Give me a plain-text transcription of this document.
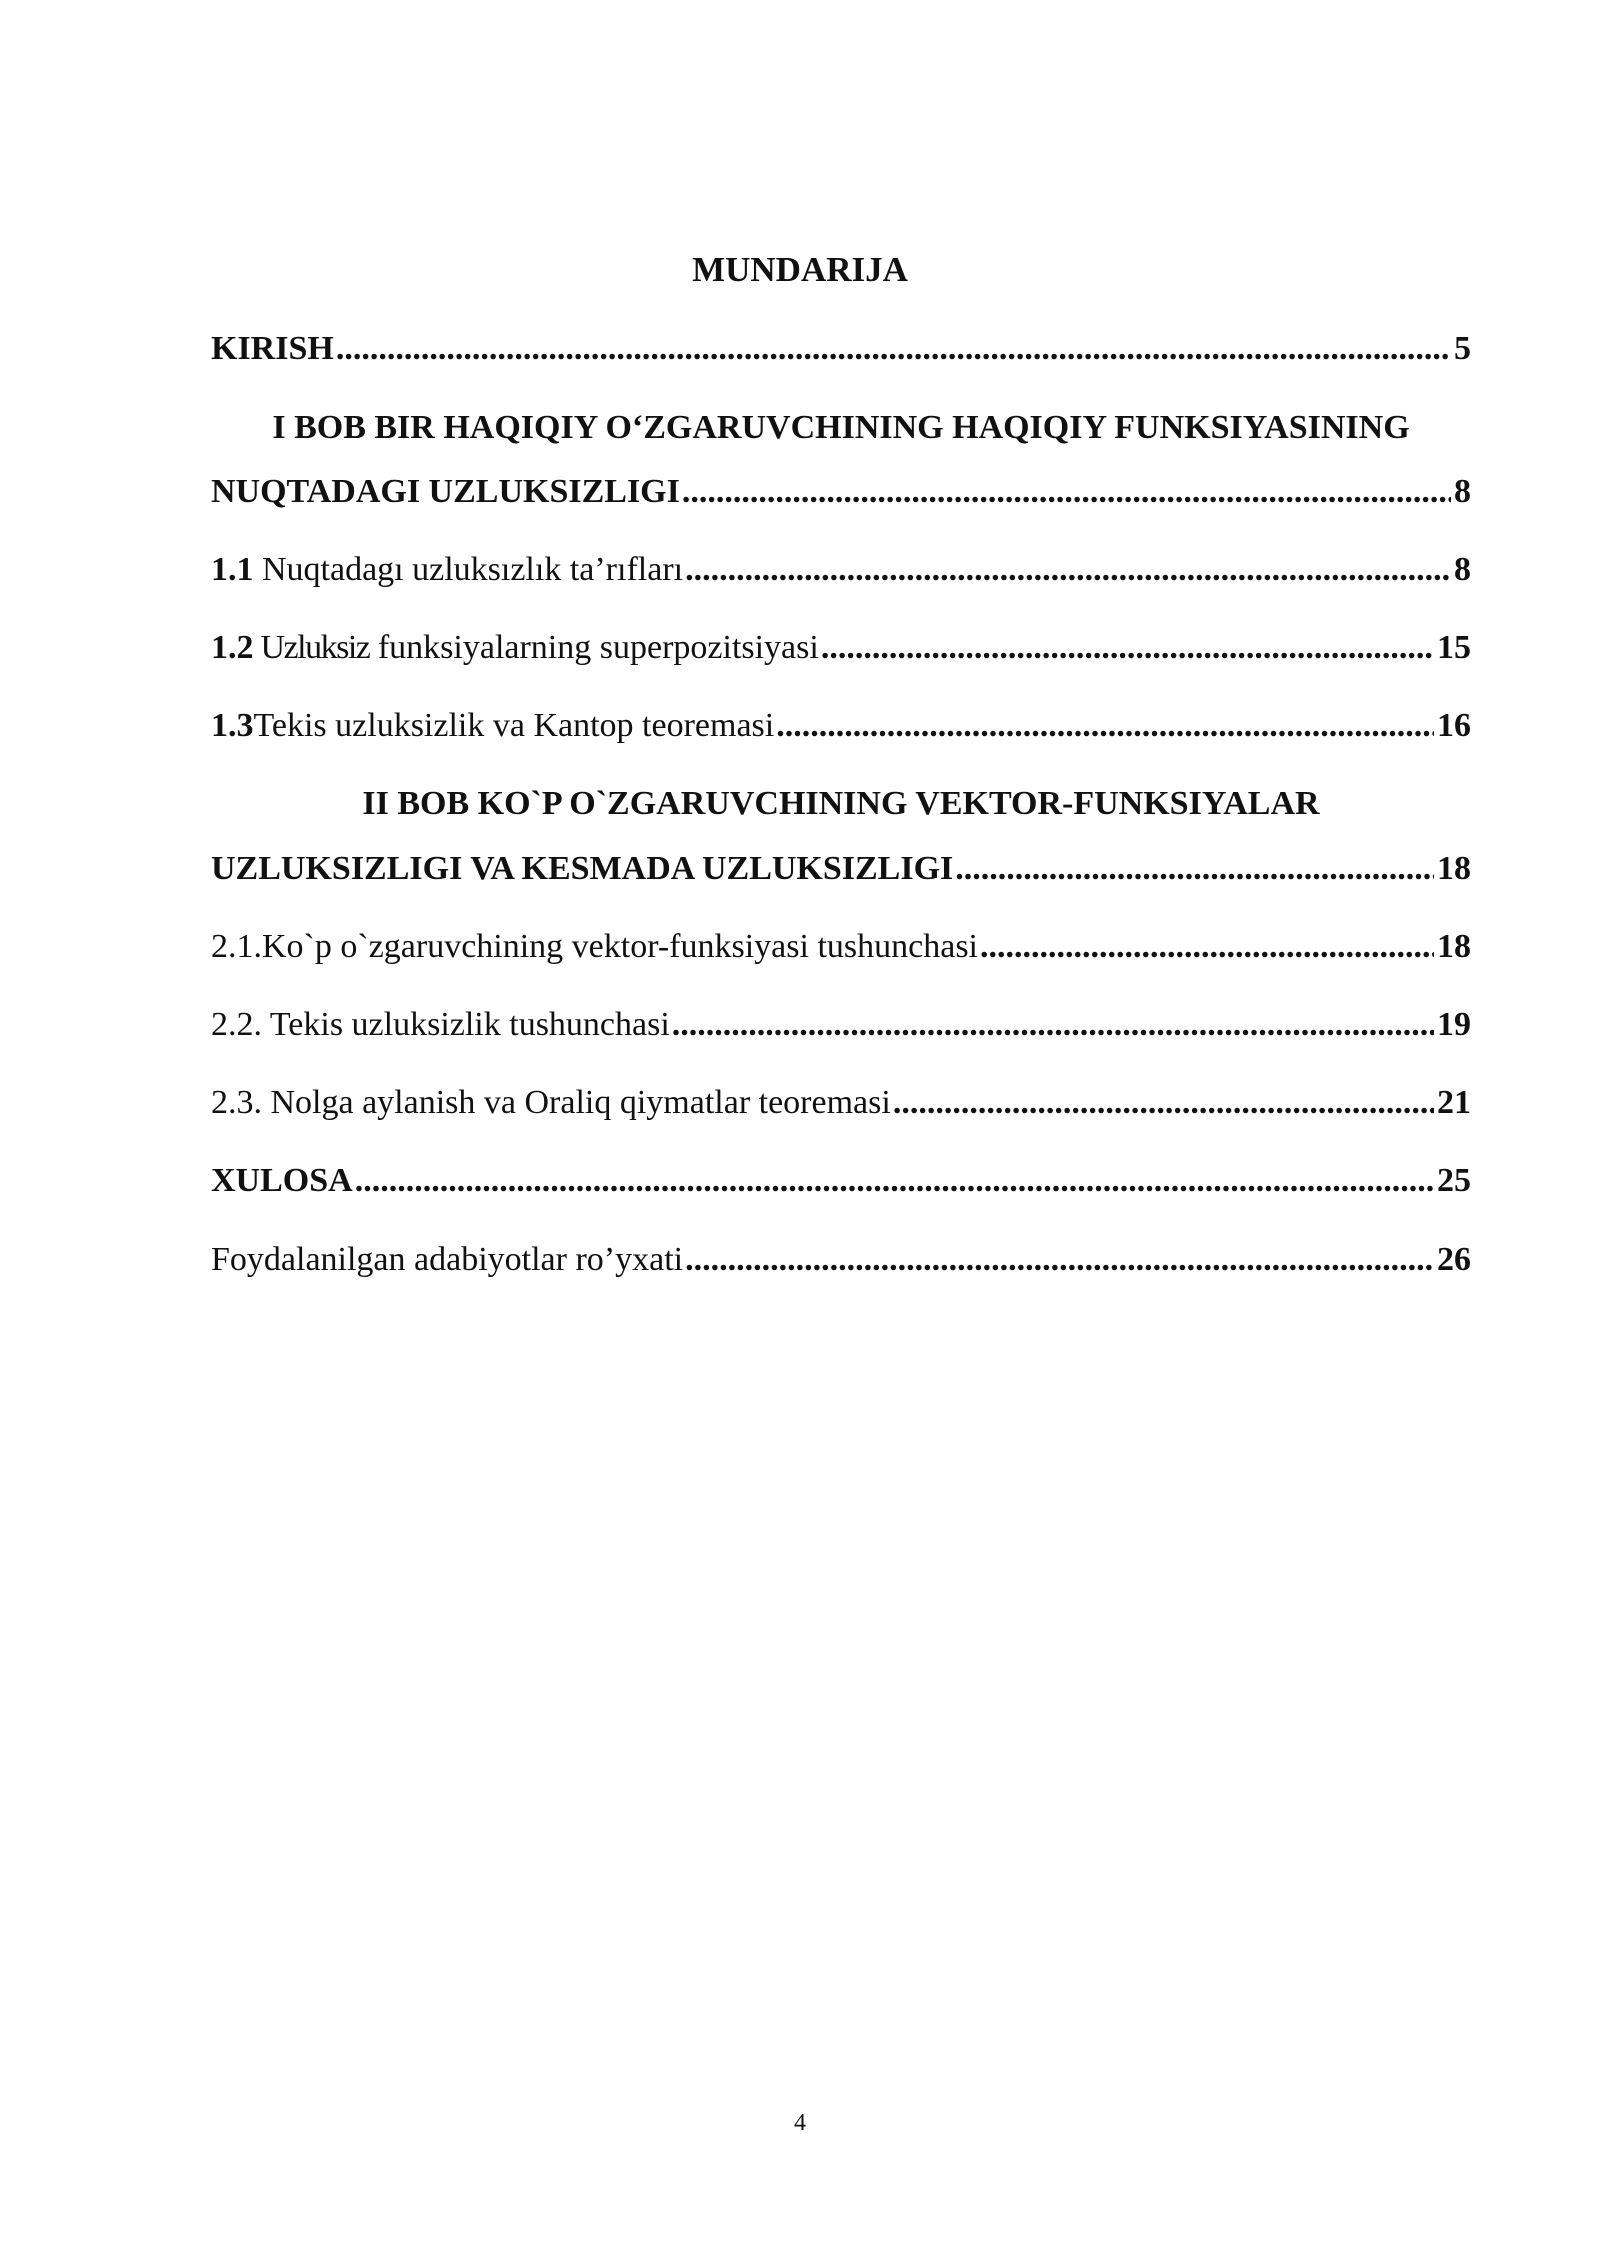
MUNDARIJA
KIRISH .....	5
I BOB BIR HAQIQIY O‘ZGARUVCHINING HAQIQIY FUNKSIYASINING
NUQTADAGI UZLUKSIZLIGI .....	8
1.1 Nuqtadagı uzluksızlık ta’rıfları .....	8
1.2 Uzluksiz funksiyalarning superpozitsiyasi .....	15
1.3Tekis uzluksizlik va Kantop teoremasi .....	16
II BOB KO`P O`ZGARUVCHINING VEKTOR-FUNKSIYALAR
UZLUKSIZLIGI VA KESMADA UZLUKSIZLIGI .....	18
2.1.Ko`p o`zgaruvchining vektor-funksiyasi tushunchasi .....	18
2.2. Tekis uzluksizlik tushunchasi .....	19
2.3. Nolga aylanish va Oraliq qiymatlar teoremasi .....	21
XULOSA .....	25
Foydalanilgan adabiyotlar ro’yxati .....	26
4
